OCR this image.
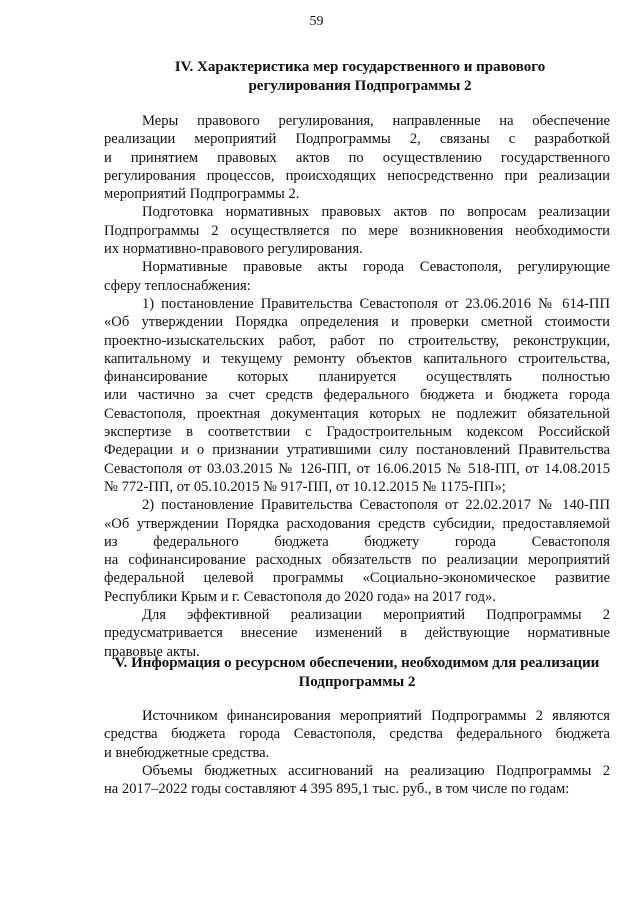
59
IV. Характеристика мер государственного и правового
регулирования Подпрограммы 2

Меры правового регулирования, направленные на обеспечение
реализации мероприятий Подпрограммы 2, связаны с разработкой
и принятием правовых актов по осуществлению государственного
регулирования процессов, происходящих непосредственно при реализации
мероприятий Подпрограммы 2.

Подготовка нормативных правовых актов по вопросам реализации
Подпрограммы 2 осуществляется по мере возникновения необходимости
их нормативно-правового регулирования.

Нормативные правовые акты города Севастополя, регулирующие
сферу теплоснабжения:

1) постановление Правительства Севастополя от 23.06.2016 № 614-ПП
«Об утверждении Порядка определения и проверки сметной стоимости
проектно-изыскательских работ, работ по строительству, реконструкции,
капитальному и текущему ремонту объектов капитального строительства,
финансирование которых планируется осуществлять полностью
или частично за счет средств федерального бюджета и бюджета города
Севастополя, проектная документация которых не подлежит обязательной
экспертизе в соответствии с Градостроительным кодексом Российской
Федерации и о признании утратившими силу постановлений Правительства
Севастополя от 03.03.2015 № 126-ПП, от 16.06.2015 № 518-ПП, от 14.08.2015
№ 772-ПП, от 05.10.2015 № 917-ПП, от 10.12.2015 № 1175-ПП»;

2) постановление Правительства Севастополя от 22.02.2017 № 140-ПП
«Об утверждении Порядка расходования средств субсидии, предоставляемой
из федерального бюджета бюджету города Севастополя
на софинансирование расходных обязательств по реализации мероприятий
федеральной целевой программы «Социально-экономическое развитие
Республики Крым и г. Севастополя до 2020 года» на 2017 год».

Для эффективной реализации мероприятий Подпрограммы 2
предусматривается внесение изменений в действующие нормативные
правовые акты.

V. Информация о ресурсном обеспечении, необходимом для реализации
Подпрограммы 2

Источником финансирования мероприятий Подпрограммы 2 являются
средства бюджета города Севастополя, средства федерального бюджета
и внебюджетные средства.

Объемы бюджетных ассигнований на реализацию Подпрограммы 2
на 2017–2022 годы составляют 4 395 895,1 тыс. руб., в том числе по годам:
